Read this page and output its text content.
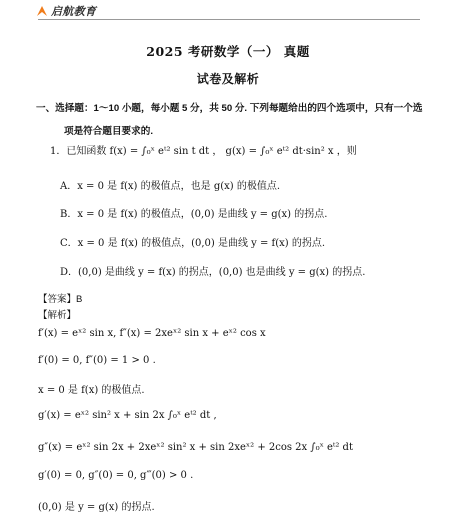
启航教育
2025 考研数学（一） 真题
试卷及解析
一、选择题：1～10 小题，每小题 5 分，共 50 分. 下列每题给出的四个选项中，只有一个选
项是符合题目要求的.
1．已知函数 f(x) = ∫₀ˣ eᵗ² sin t dt ， g(x) = ∫₀ˣ eᵗ² dt·sin² x ，则
A．x = 0 是 f(x) 的极值点，也是 g(x) 的极值点.
B．x = 0 是 f(x) 的极值点，(0,0) 是曲线 y = g(x) 的拐点.
C．x = 0 是 f(x) 的极值点，(0,0) 是曲线 y = f(x) 的拐点.
D．(0,0) 是曲线 y = f(x) 的拐点，(0,0) 也是曲线 y = g(x) 的拐点.
【答案】B
【解析】
f′(x) = eˣ² sin x, f″(x) = 2xeˣ² sin x + eˣ² cos x
f′(0) = 0, f″(0) = 1 > 0 .
x = 0 是 f(x) 的极值点.
g′(x) = eˣ² sin² x + sin 2x ∫₀ˣ eᵗ² dt ,
g″(x) = eˣ² sin 2x + 2xeˣ² sin² x + sin 2xeˣ² + 2cos 2x ∫₀ˣ eᵗ² dt
g′(0) = 0, g″(0) = 0, g‴(0) > 0 .
(0,0) 是 y = g(x) 的拐点.
